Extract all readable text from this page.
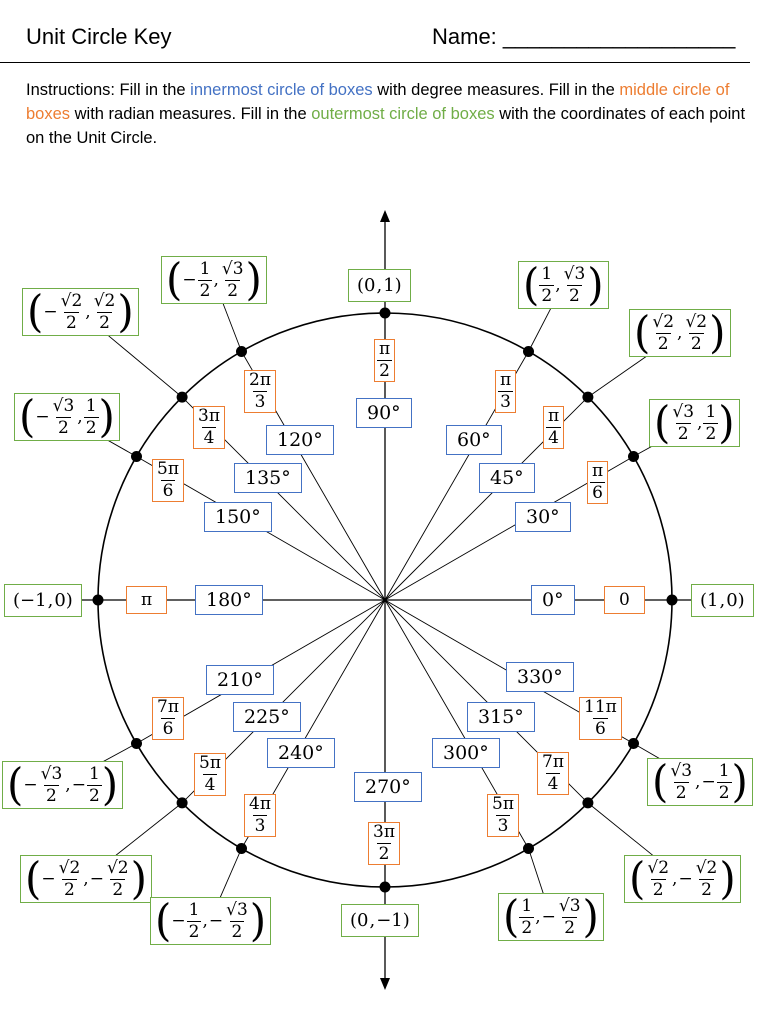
Unit Circle Key	Name: ___________________
Instructions: Fill in the innermost circle of boxes with degree measures. Fill in the middle circle of boxes with radian measures. Fill in the outermost circle of boxes with the coordinates of each point on the Unit Circle.
0°	0	( 1 , 0 )
30°
$\frac{\pi}{6}$
( $\frac{√3}{2}$ , $\frac{1}{2}$ )
45°
$\frac{\pi}{4}$
( $\frac{√2}{2}$ , $\frac{√2}{2}$ )
60°
$\frac{\pi}{3}$
( $\frac{1}{2}$ , $\frac{√3}{2}$ )
90°
$\frac{\pi}{2}$
( 0 , 1 )
120°
$\frac{2\pi}{3}$
( − $\frac{1}{2}$ , $\frac{√3}{2}$ )
135°
$\frac{3\pi}{4}$
( − $\frac{√2}{2}$ , $\frac{√2}{2}$ )
150°
$\frac{5\pi}{6}$
( − $\frac{√3}{2}$ , $\frac{1}{2}$ )
180°
π
( −1 , 0 )
210°
$\frac{7\pi}{6}$
( − $\frac{√3}{2}$ , − $\frac{1}{2}$ )
225°
$\frac{5\pi}{4}$
( − $\frac{√2}{2}$ , − $\frac{√2}{2}$ )
240°
$\frac{4\pi}{3}$
( − $\frac{1}{2}$ , − $\frac{√3}{2}$ )
270°
$\frac{3\pi}{2}$
( 0 , −1 )
300°
$\frac{5\pi}{3}$
( $\frac{1}{2}$ , − $\frac{√3}{2}$ )
315°
$\frac{7\pi}{4}$
( $\frac{√2}{2}$ , − $\frac{√2}{2}$ )
330°
$\frac{11\pi}{6}$
( $\frac{√3}{2}$ , − $\frac{1}{2}$ )
